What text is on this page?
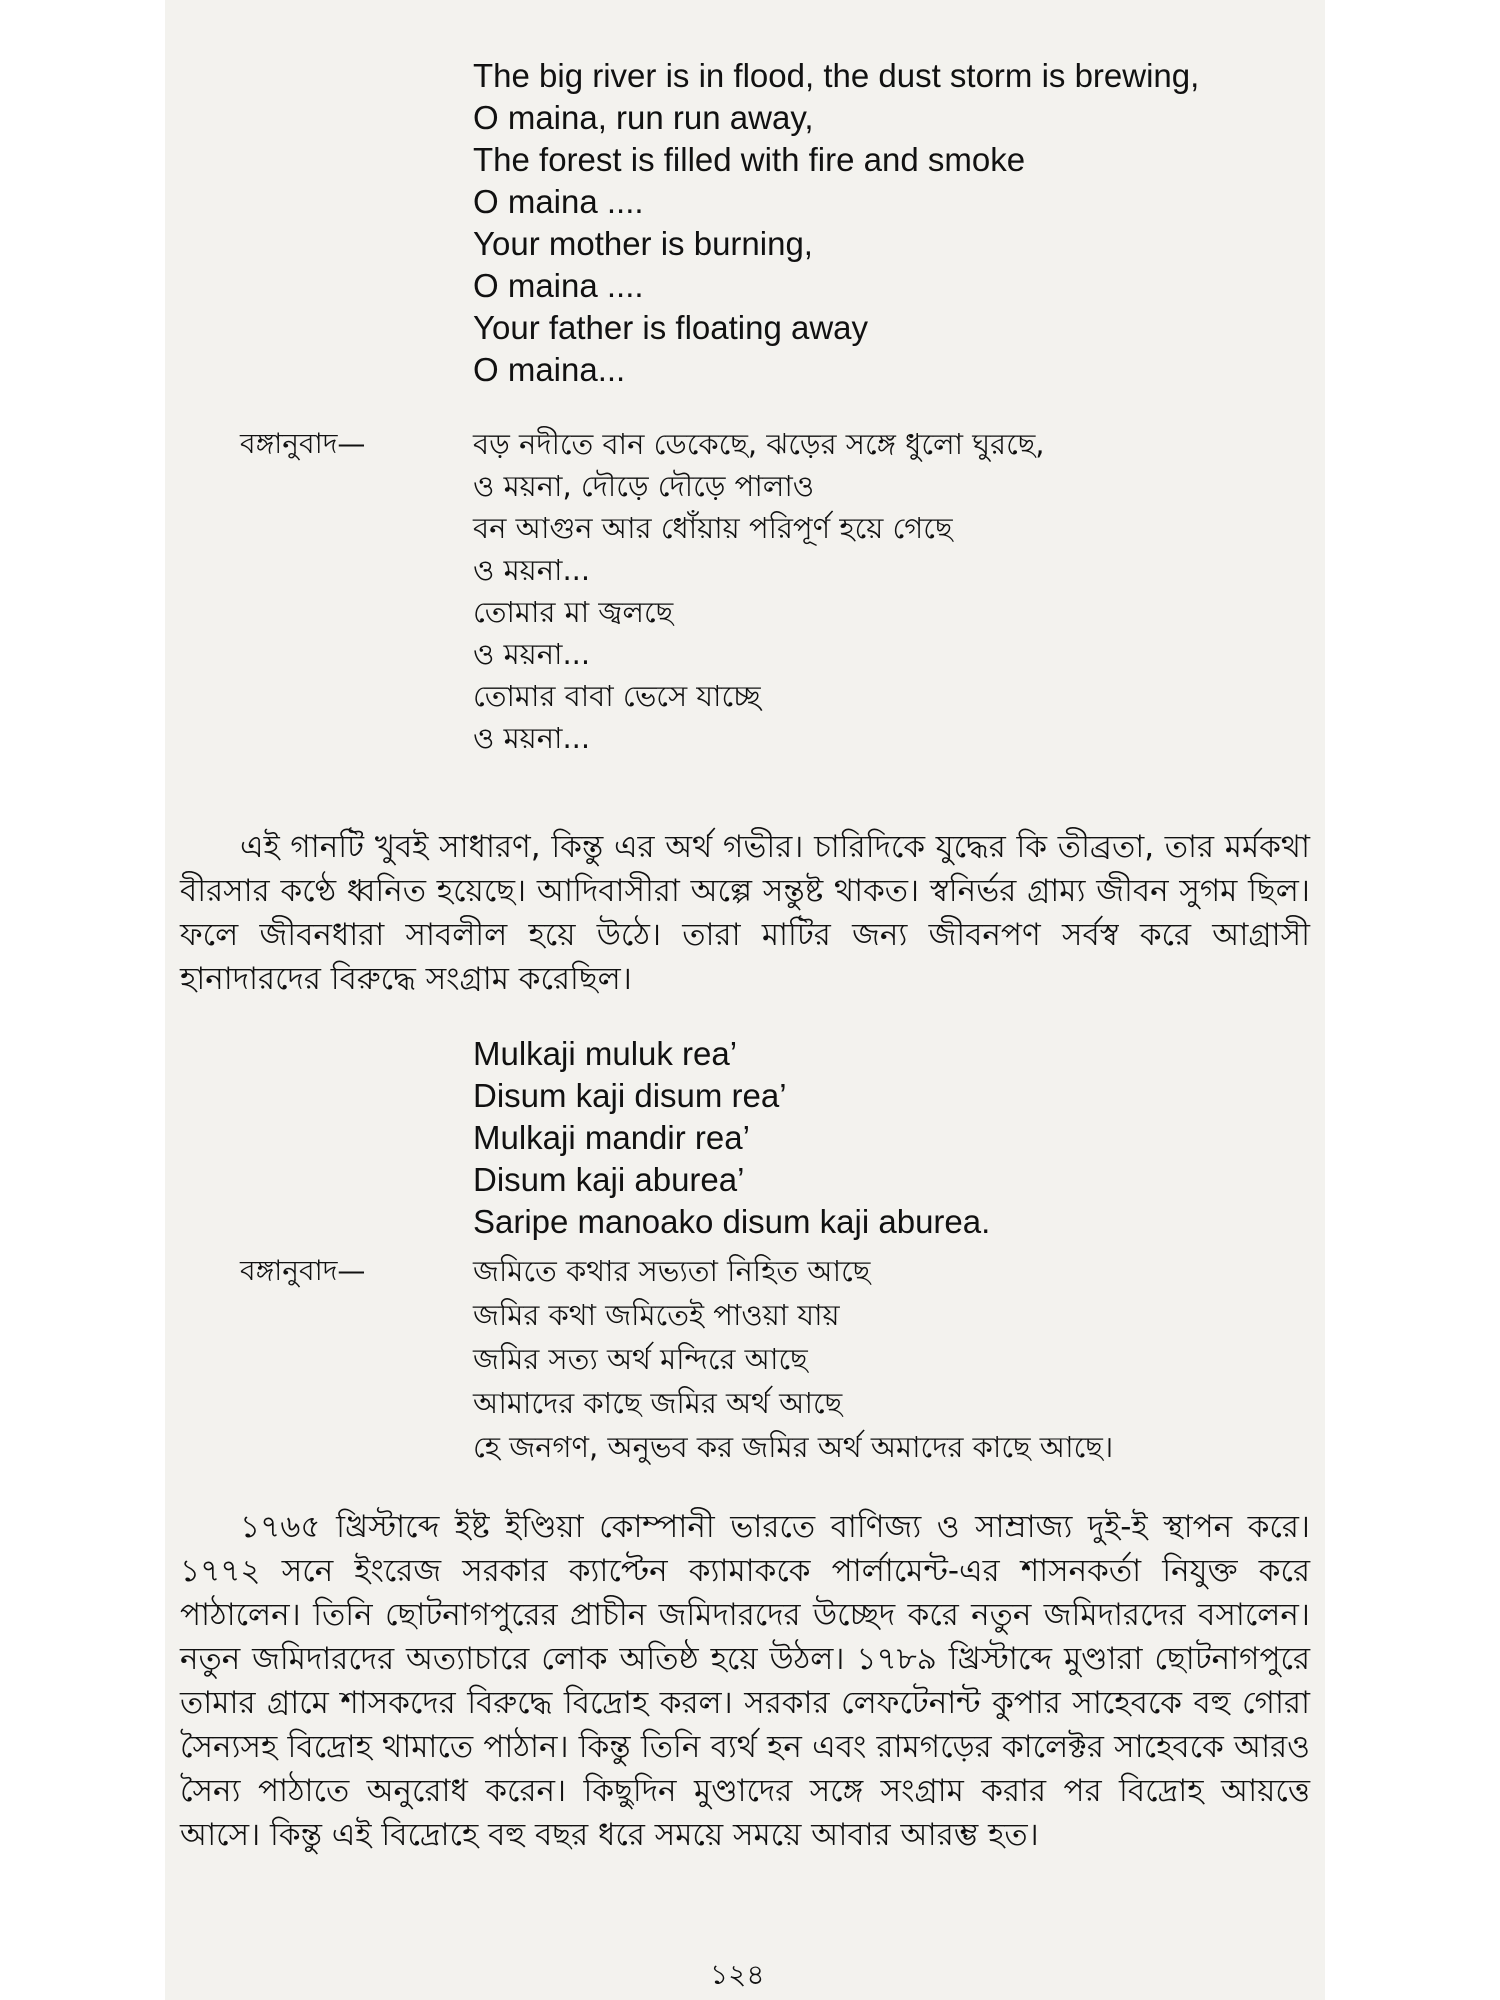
The big river is in flood, the dust storm is brewing,
O maina, run run away,
The forest is filled with fire and smoke
O maina ....
Your mother is burning,
O maina ....
Your father is floating away
O maina...
বঙ্গানুবাদ—	বড় নদীতে বান ডেকেছে, ঝড়ের সঙ্গে ধুলো ঘুরছে,
ও ময়না, দৌড়ে দৌড়ে পালাও
বন আগুন আর ধোঁয়ায় পরিপূর্ণ হয়ে গেছে
ও ময়না...
তোমার মা জ্বলছে
ও ময়না...
তোমার বাবা ভেসে যাচ্ছে
ও ময়না...
এই গানটি খুবই সাধারণ, কিন্তু এর অর্থ গভীর। চারিদিকে যুদ্ধের কি তীব্রতা, তার মর্মকথা বীরসার কণ্ঠে ধ্বনিত হয়েছে। আদিবাসীরা অল্পে সন্তুষ্ট থাকত। স্বনির্ভর গ্রাম্য জীবন সুগম ছিল। ফলে জীবনধারা সাবলীল হয়ে উঠে। তারা মাটির জন্য জীবনপণ সর্বস্ব করে আগ্রাসী হানাদারদের বিরুদ্ধে সংগ্রাম করেছিল।
Mulkaji muluk rea’
Disum kaji disum rea’
Mulkaji mandir rea’
Disum kaji aburea’
Saripe manoako disum kaji aburea.
বঙ্গানুবাদ—	জমিতে কথার সভ্যতা নিহিত আছে
জমির কথা জমিতেই পাওয়া যায়
জমির সত্য অর্থ মন্দিরে আছে
আমাদের কাছে জমির অর্থ আছে
হে জনগণ, অনুভব কর জমির অর্থ অমাদের কাছে আছে।
১৭৬৫ খ্রিস্টাব্দে ইষ্ট ইণ্ডিয়া কোম্পানী ভারতে বাণিজ্য ও সাম্রাজ্য দুই-ই স্থাপন করে। ১৭৭২ সনে ইংরেজ সরকার ক্যাপ্টেন ক্যামাককে পার্লামেন্ট-এর শাসনকর্তা নিযুক্ত করে পাঠালেন। তিনি ছোটনাগপুরের প্রাচীন জমিদারদের উচ্ছেদ করে নতুন জমিদারদের বসালেন। নতুন জমিদারদের অত্যাচারে লোক অতিষ্ঠ হয়ে উঠল। ১৭৮৯ খ্রিস্টাব্দে মুণ্ডারা ছোটনাগপুরে তামার গ্রামে শাসকদের বিরুদ্ধে বিদ্রোহ করল। সরকার লেফটেনান্ট কুপার সাহেবকে বহু গোরা সৈন্যসহ বিদ্রোহ থামাতে পাঠান। কিন্তু তিনি ব্যর্থ হন এবং রামগড়ের কালেক্টর সাহেবকে আরও সৈন্য পাঠাতে অনুরোধ করেন। কিছুদিন মুণ্ডাদের সঙ্গে সংগ্রাম করার পর বিদ্রোহ আয়ত্তে আসে। কিন্তু এই বিদ্রোহে বহু বছর ধরে সময়ে সময়ে আবার আরম্ভ হত।
১২৪
